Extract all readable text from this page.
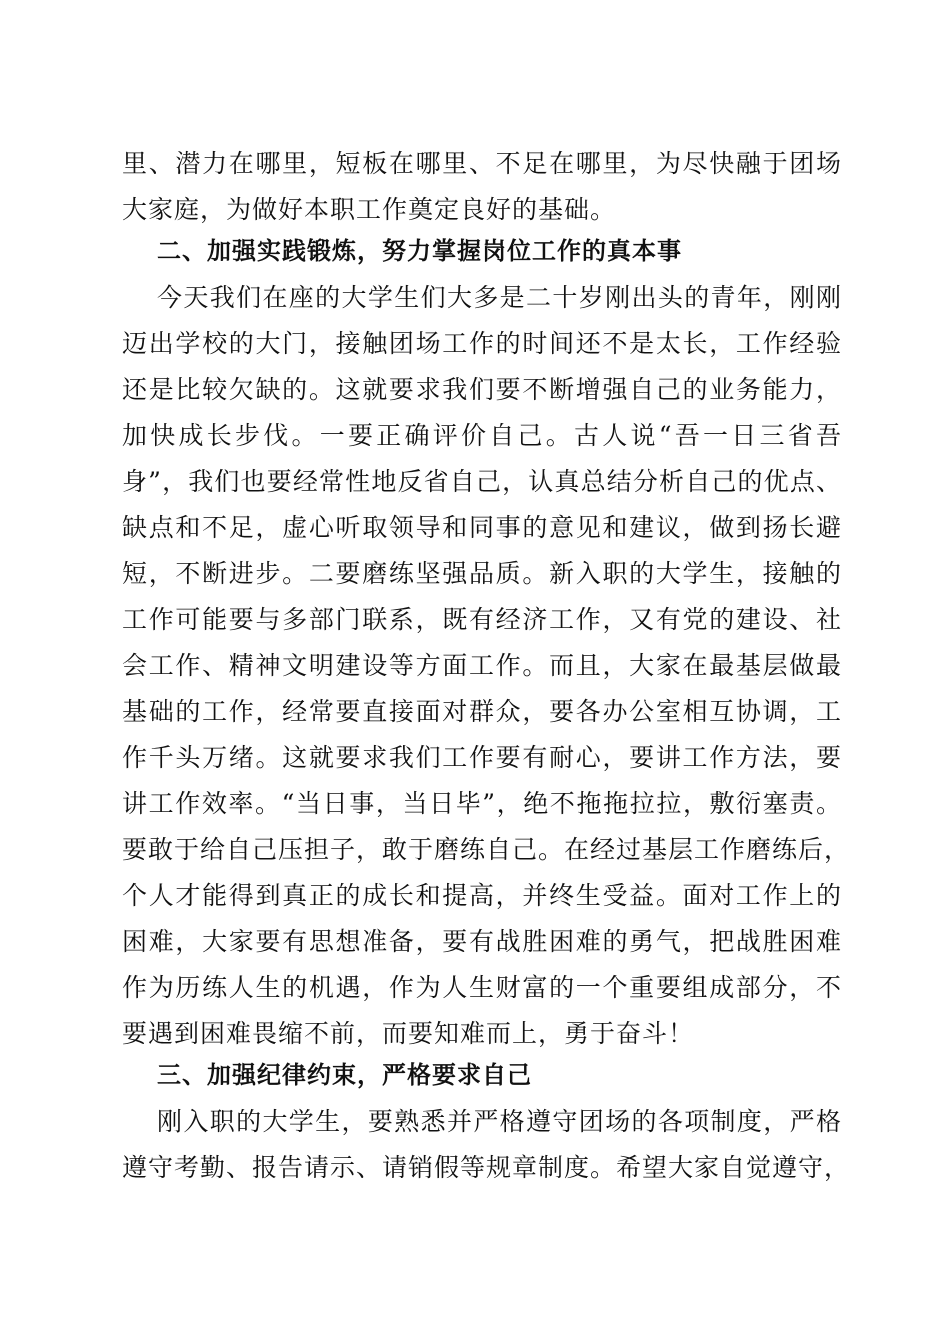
里、潜力在哪里，短板在哪里、不足在哪里，为尽快融于团场
大家庭，为做好本职工作奠定良好的基础。
二、加强实践锻炼，努力掌握岗位工作的真本事
今天我们在座的大学生们大多是二十岁刚出头的青年，刚刚
迈出学校的大门，接触团场工作的时间还不是太长，工作经验
还是比较欠缺的。这就要求我们要不断增强自己的业务能力，
加快成长步伐。一要正确评价自己。古人说“吾一日三省吾
身”，我们也要经常性地反省自己，认真总结分析自己的优点、
缺点和不足，虚心听取领导和同事的意见和建议，做到扬长避
短，不断进步。二要磨练坚强品质。新入职的大学生，接触的
工作可能要与多部门联系，既有经济工作，又有党的建设、社
会工作、精神文明建设等方面工作。而且，大家在最基层做最
基础的工作，经常要直接面对群众，要各办公室相互协调，工
作千头万绪。这就要求我们工作要有耐心，要讲工作方法，要
讲工作效率。“当日事，当日毕”，绝不拖拖拉拉，敷衍塞责。
要敢于给自己压担子，敢于磨练自己。在经过基层工作磨练后，
个人才能得到真正的成长和提高，并终生受益。面对工作上的
困难，大家要有思想准备，要有战胜困难的勇气，把战胜困难
作为历练人生的机遇，作为人生财富的一个重要组成部分，不
要遇到困难畏缩不前，而要知难而上，勇于奋斗！
三、加强纪律约束，严格要求自己
刚入职的大学生，要熟悉并严格遵守团场的各项制度，严格
遵守考勤、报告请示、请销假等规章制度。希望大家自觉遵守，
